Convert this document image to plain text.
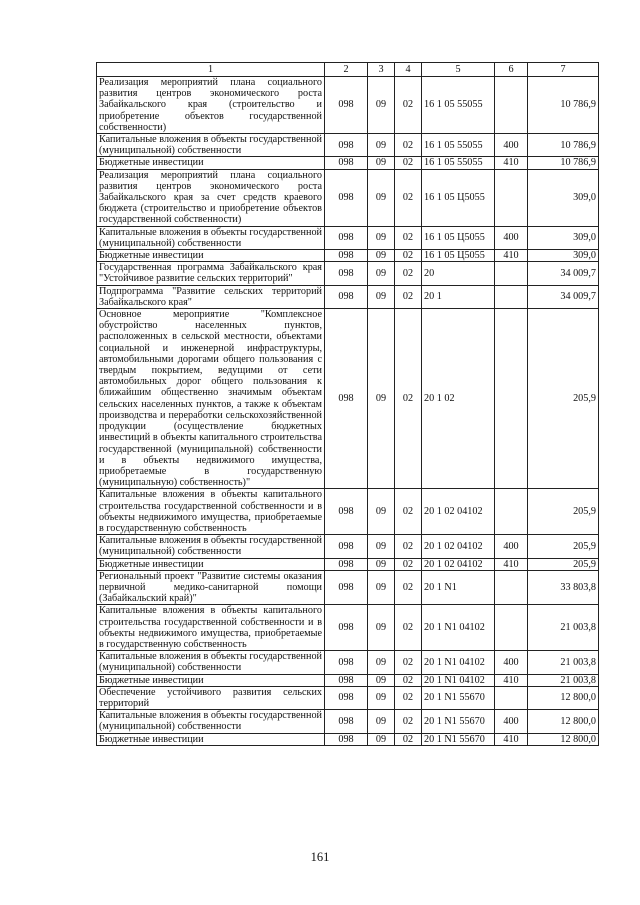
1	2	3	4	5	6	7
Реализация мероприятий плана социального развития центров экономического роста Забайкальского края (строительство и приобретение объектов государственной собственности)	098	09	02	16 1 05 55055		10 786,9
Капитальные вложения в объекты государственной (муниципальной) собственности	098	09	02	16 1 05 55055	400	10 786,9
Бюджетные инвестиции	098	09	02	16 1 05 55055	410	10 786,9
Реализация мероприятий плана социального развития центров экономического роста Забайкальского края за счет средств краевого бюджета (строительство и приобретение объектов государственной собственности)	098	09	02	16 1 05 Ц5055		309,0
Капитальные вложения в объекты государственной (муниципальной) собственности	098	09	02	16 1 05 Ц5055	400	309,0
Бюджетные инвестиции	098	09	02	16 1 05 Ц5055	410	309,0
Государственная программа Забайкальского края "Устойчивое развитие сельских территорий"	098	09	02	20		34 009,7
Подпрограмма "Развитие сельских территорий Забайкальского края"	098	09	02	20 1		34 009,7
Основное мероприятие "Комплексное обустройство населенных пунктов, расположенных в сельской местности, объектами социальной и инженерной инфраструктуры, автомобильными дорогами общего пользования с твердым покрытием, ведущими от сети автомобильных дорог общего пользования к ближайшим общественно значимым объектам сельских населенных пунктов, а также к объектам производства и переработки сельскохозяйственной продукции (осуществление бюджетных инвестиций в объекты капитального строительства государственной (муниципальной) собственности и в объекты недвижимого имущества, приобретаемые в государственную (муниципальную) собственность)"	098	09	02	20 1 02		205,9
Капитальные вложения в объекты капитального строительства государственной собственности и в объекты недвижимого имущества, приобретаемые в государственную собственность	098	09	02	20 1 02 04102		205,9
Капитальные вложения в объекты государственной (муниципальной) собственности	098	09	02	20 1 02 04102	400	205,9
Бюджетные инвестиции	098	09	02	20 1 02 04102	410	205,9
Региональный проект "Развитие системы оказания первичной медико-санитарной помощи (Забайкальский край)"	098	09	02	20 1 N1		33 803,8
Капитальные вложения в объекты капитального строительства государственной собственности и в объекты недвижимого имущества, приобретаемые в государственную собственность	098	09	02	20 1 N1 04102		21 003,8
Капитальные вложения в объекты государственной (муниципальной) собственности	098	09	02	20 1 N1 04102	400	21 003,8
Бюджетные инвестиции	098	09	02	20 1 N1 04102	410	21 003,8
Обеспечение устойчивого развития сельских территорий	098	09	02	20 1 N1 55670		12 800,0
Капитальные вложения в объекты государственной (муниципальной) собственности	098	09	02	20 1 N1 55670	400	12 800,0
Бюджетные инвестиции	098	09	02	20 1 N1 55670	410	12 800,0
161
